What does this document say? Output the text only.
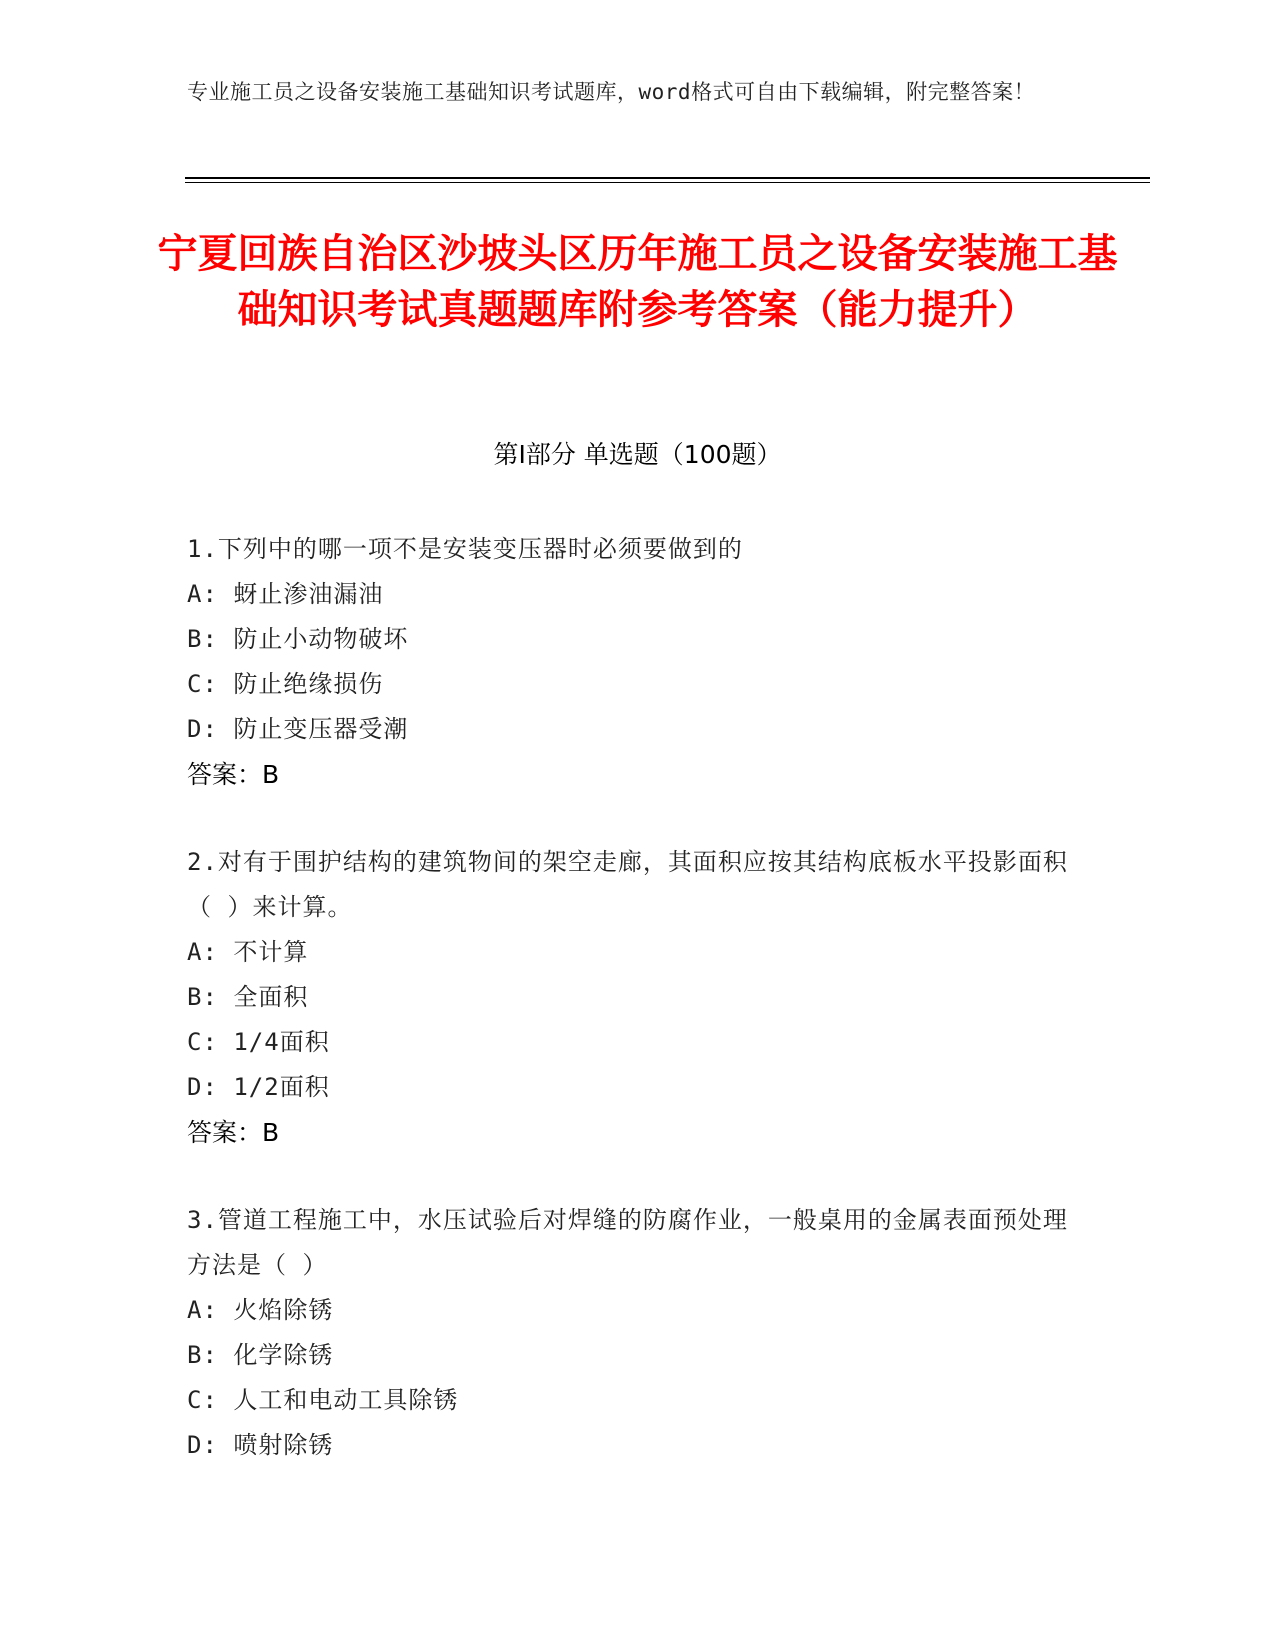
专业施工员之设备安装施工基础知识考试题库，word格式可自由下载编辑，附完整答案！
宁夏回族自治区沙坡头区历年施工员之设备安装施工基础知识考试真题题库附参考答案（能力提升）
第I部分 单选题（100题）
1.下列中的哪一项不是安装变压器时必须要做到的
A: 蚜止渗油漏油
B: 防止小动物破坏
C: 防止绝缘损伤
D: 防止变压器受潮
答案：B
2.对有于围护结构的建筑物间的架空走廊，其面积应按其结构底板水平投影面积（ ）来计算。
A: 不计算
B: 全面积
C: 1/4面积
D: 1/2面积
答案：B
3.管道工程施工中，水压试验后对焊缝的防腐作业，一般桌用的金属表面预处理方法是（ ）
A: 火焰除锈
B: 化学除锈
C: 人工和电动工具除锈
D: 喷射除锈
